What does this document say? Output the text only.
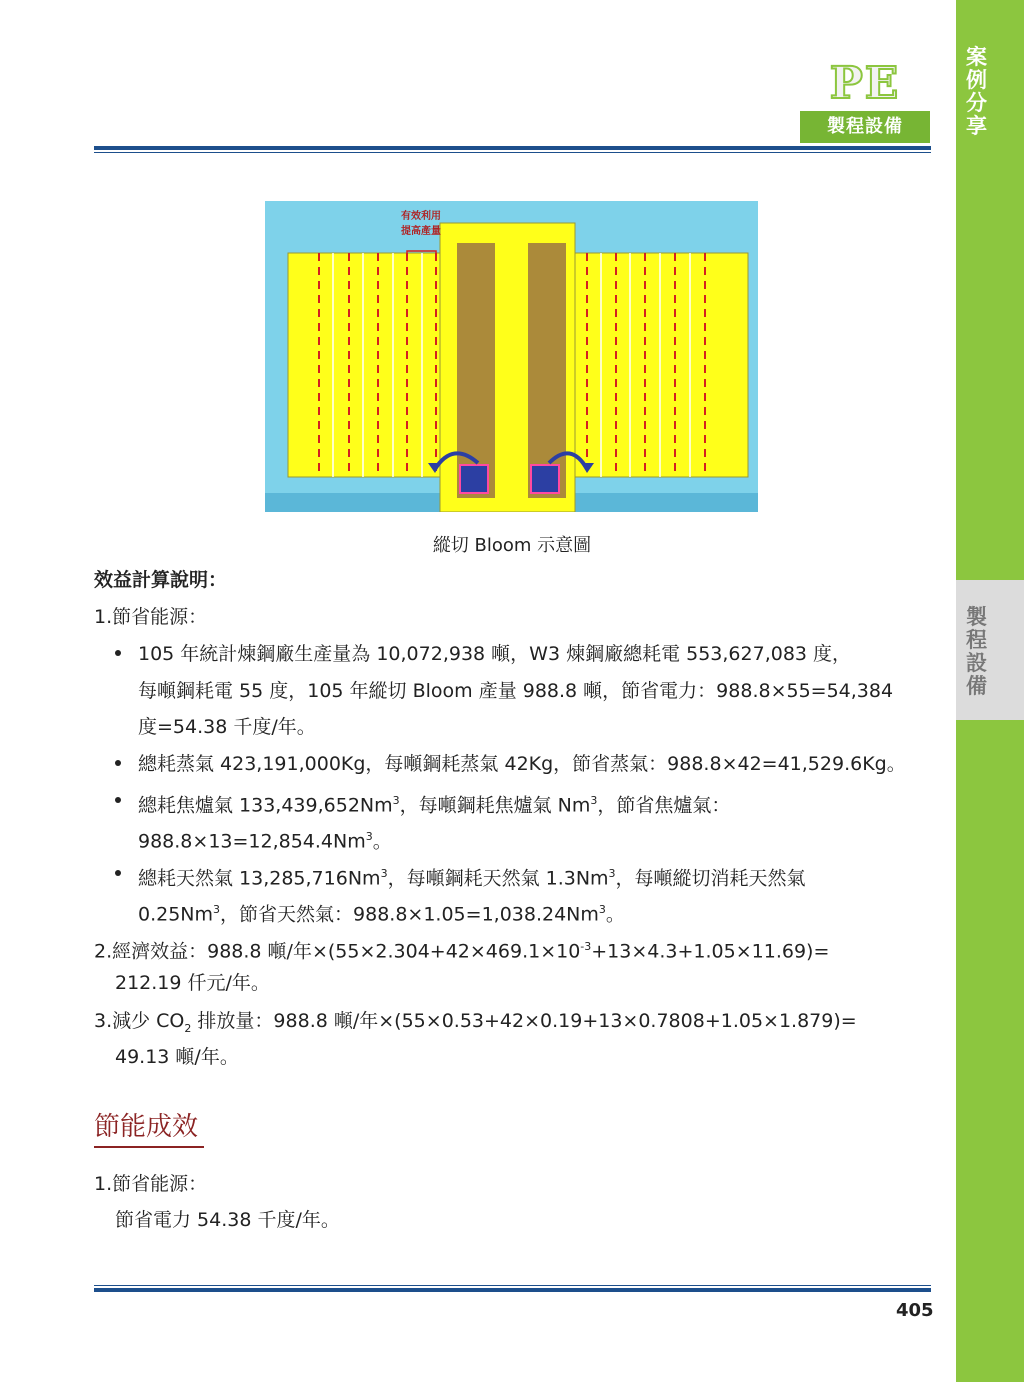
案
例
分
享
製
程
設
備
PE
製程設備
有效利用
提高產量
縱切 Bloom 示意圖
效益計算說明：
1.節省能源：
105 年統計煉鋼廠生產量為 10,072,938 噸，W3 煉鋼廠總耗電 553,627,083 度，
每噸鋼耗電 55 度，105 年縱切 Bloom 產量 988.8 噸，節省電力：988.8×55=54,384
度=54.38 千度/年。
總耗蒸氣 423,191,000Kg，每噸鋼耗蒸氣 42Kg，節省蒸氣：988.8×42=41,529.6Kg。
總耗焦爐氣 133,439,652Nm$^3$，每噸鋼耗焦爐氣 Nm$^3$，節省焦爐氣：
$988.8\times 13=12,854.4Nm^3$。
總耗天然氣 13,285,716Nm$^3$，每噸鋼耗天然氣 1.3Nm$^3$，每噸縱切消耗天然氣
0.25Nm$^3$，節省天然氣：$988.8\times 1.05=1,038.24Nm^3$。
2.經濟效益：988.8 噸/年$\times(55\times 2.304+42\times 469.1\times 10^{-3}+13\times 4.3+1.05\times 11.69)=$
212.19 仟元/年。
3.減少 $CO_2$ 排放量：988.8 噸/年×(55×0.53+42×0.19+13×0.7808+1.05×1.879)=
49.13 噸/年。
節能成效
1.節省能源：
節省電力 54.38 千度/年。
405
